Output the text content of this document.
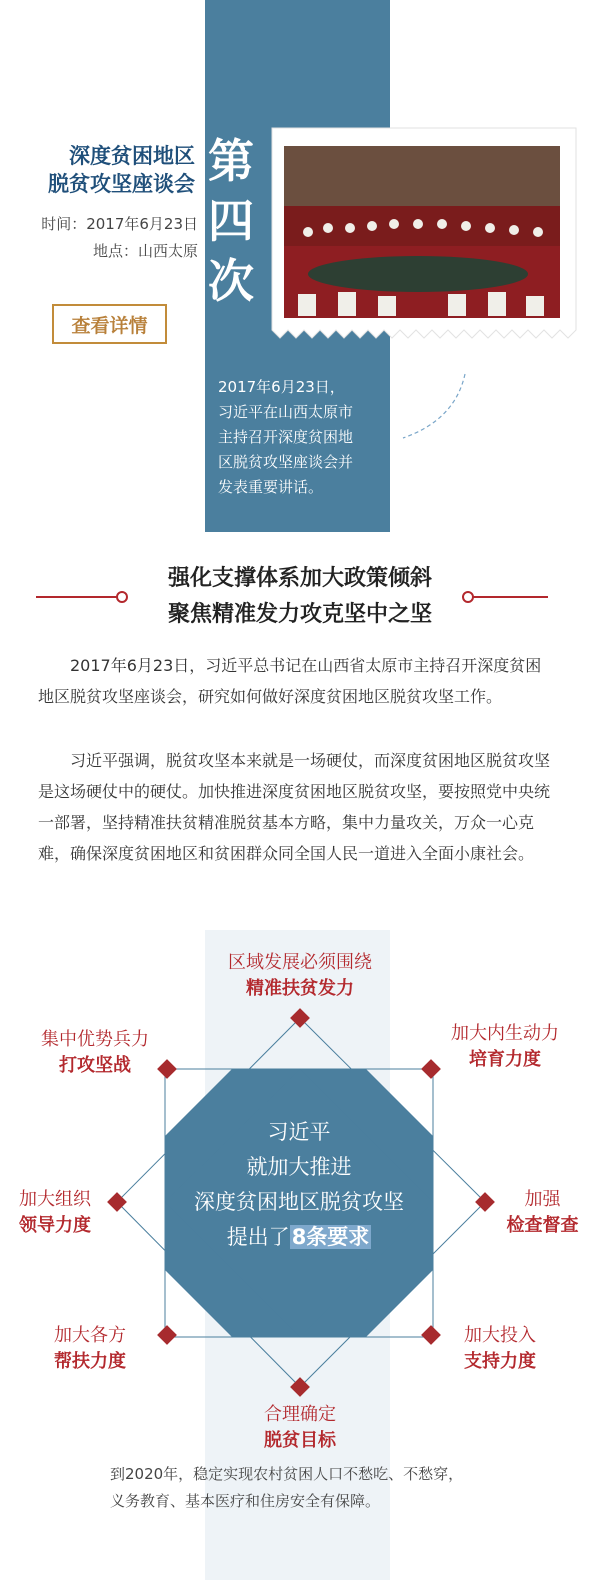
深度贫困地区
脱贫攻坚座谈会
时间：2017年6月23日
地点：山西太原
查看详情
第
四
次
2017年6月23日，
习近平在山西太原市
主持召开深度贫困地
区脱贫攻坚座谈会并
发表重要讲话。
强化支撑体系加大政策倾斜
聚焦精准发力攻克坚中之坚

2017年6月23日，习近平总书记在山西省太原市主持召开深度贫困地区脱贫攻坚座谈会，研究如何做好深度贫困地区脱贫攻坚工作。

习近平强调，脱贫攻坚本来就是一场硬仗，而深度贫困地区脱贫攻坚是这场硬仗中的硬仗。加快推进深度贫困地区脱贫攻坚，要按照党中央统一部署，坚持精准扶贫精准脱贫基本方略，集中力量攻关，万众一心克难，确保深度贫困地区和贫困群众同全国人民一道进入全面小康社会。

习近平
就加大推进
深度贫困地区脱贫攻坚
提出了8条要求
区域发展必须围绕
精准扶贫发力
加大内生动力
培育力度
加强
检查督查
加大投入
支持力度
合理确定
脱贫目标
加大各方
帮扶力度
加大组织
领导力度
集中优势兵力
打攻坚战
到2020年，稳定实现农村贫困人口不愁吃、不愁穿，
义务教育、基本医疗和住房安全有保障。
